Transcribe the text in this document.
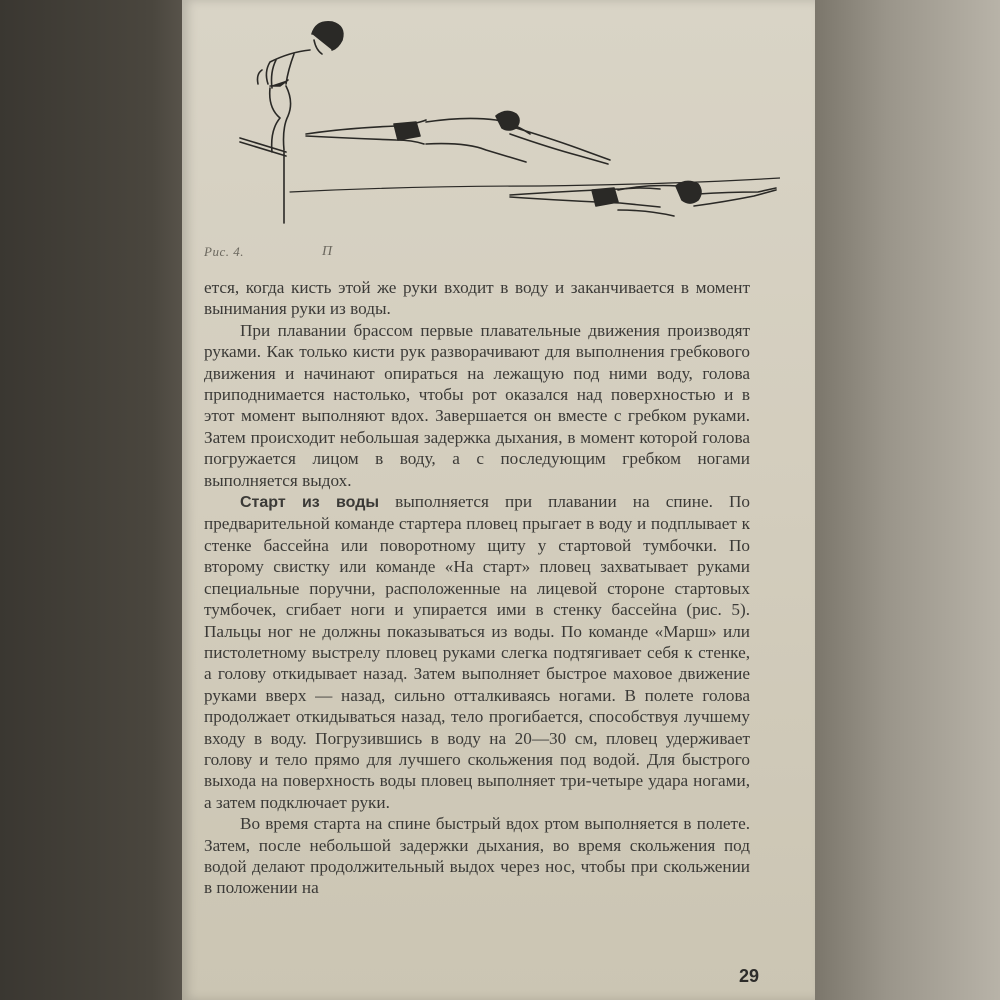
Рис. 4.	П

ется, когда кисть этой же руки входит в воду и заканчивается в момент вынимания руки из воды.

При плавании брассом первые плавательные движения производят руками. Как только кисти рук разворачивают для выполнения гребкового движения и начинают опираться на лежащую под ними воду, голова приподнимается настолько, чтобы рот оказался над поверхностью и в этот момент выполняют вдох. Завершается он вместе с гребком руками. Затем происходит небольшая задержка дыхания, в момент которой голова погружается лицом в воду, а с последующим гребком ногами выполняется выдох.

Старт из воды выполняется при плавании на спине. По предварительной команде стартера пловец прыгает в воду и подплывает к стенке бассейна или поворотному щиту у стартовой тумбочки. По второму свистку или команде «На старт» пловец захватывает руками специальные поручни, расположенные на лицевой стороне стартовых тумбочек, сгибает ноги и упирается ими в стенку бассейна (рис. 5). Пальцы ног не должны показываться из воды. По команде «Марш» или пистолетному выстрелу пловец руками слегка подтягивает себя к стенке, а голову откидывает назад. Затем выполняет быстрое маховое движение руками вверх — назад, сильно отталкиваясь ногами. В полете голова продолжает откидываться назад, тело прогибается, способствуя лучшему входу в воду. Погрузившись в воду на 20—30 см, пловец удерживает голову и тело прямо для лучшего скольжения под водой. Для быстрого выхода на поверхность воды пловец выполняет три-четыре удара ногами, а затем подключает руки.

Во время старта на спине быстрый вдох ртом выполняется в полете. Затем, после небольшой задержки дыхания, во время скольжения под водой делают продолжительный выдох через нос, чтобы при скольжении в положении на

29
